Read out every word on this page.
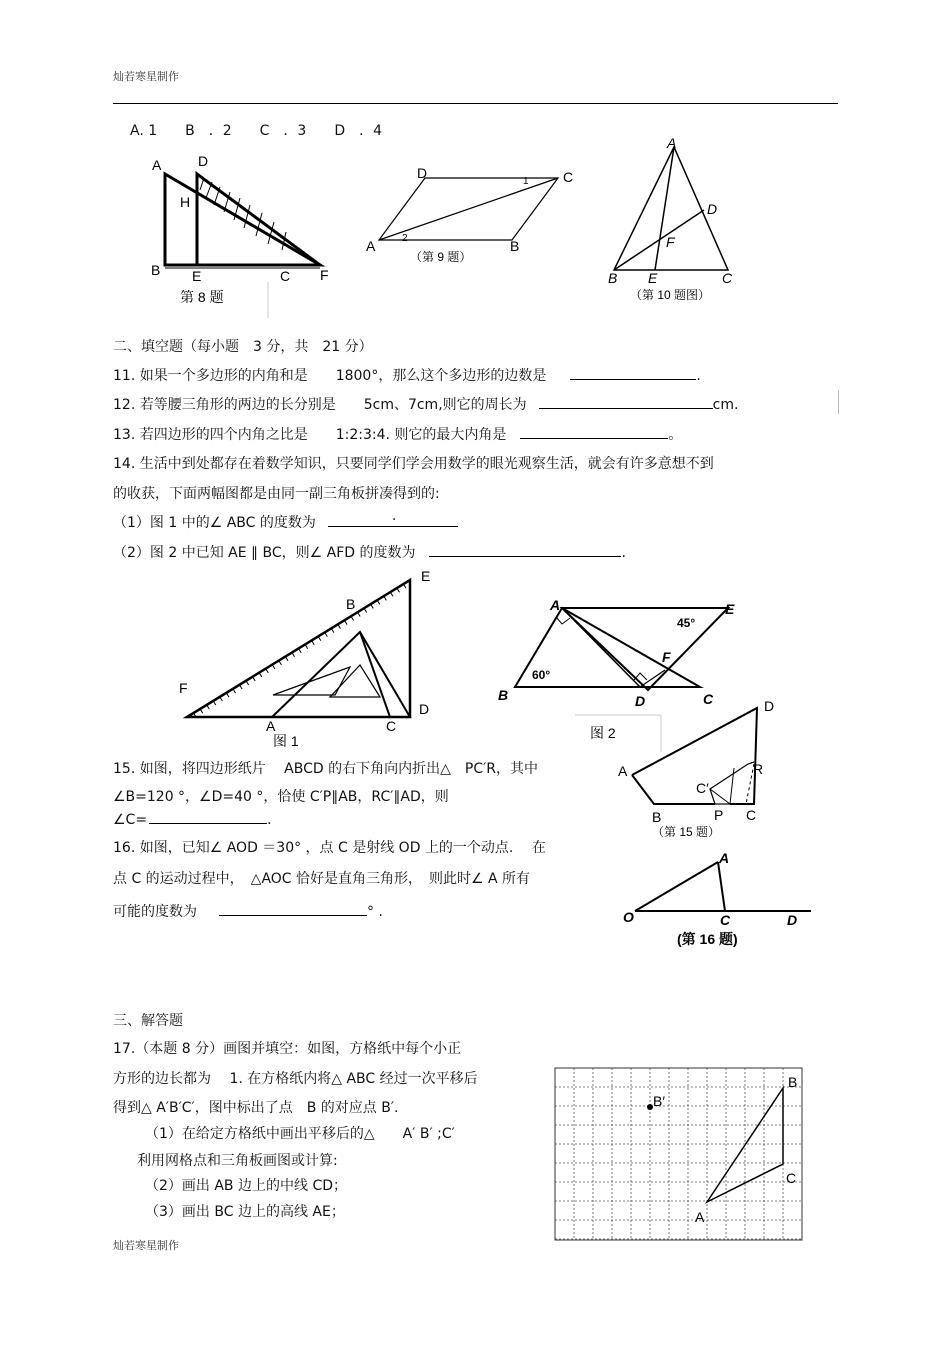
灿若寒星制作
A. 1　　B　．2　　C　．3　　D　．4
A	D
H
B E	C F
第 8 题
D	C
A	B
1
2
（第 9 题）
A
D
F
B E	C
（第 10 题图）
二、填空题（每小题　3 分，共　21 分）
11. 如果一个多边形的内角和是　　1800°，那么这个多边形的边数是	.
12. 若等腰三角形的两边的长分别是　　5cm、7cm,则它的周长为	cm.
13. 若四边形的四个内角之比是　　1:2:3:4. 则它的最大内角是	。
14. 生活中到处都存在着数学知识，只要同学们学会用数学的眼光观察生活，就会有许多意想不到
的收获，下面两幅图都是由同一副三角板拼凑得到的:
（1）图 1 中的∠ ABC 的度数为	.
（2）图 2 中已知 AE ∥ BC，则∠ AFD 的度数为	.
E
B
F
D
A	C
图 1
A	E
45°
60°
F
B	D	C
图 2
15. 如图，将四边形纸片　 ABCD 的右下角向内折出△　PC′R，其中
∠B=120 °，∠D=40 °，恰使 C′P∥AB，RC′∥AD，则
∠C=	.
D
A	R
C′
B	P C
（第 15 题）
16. 如图，已知∠ AOD ＝30° ，点 C 是射线 OD 上的一个动点.　 在
点 C 的运动过程中，　△AOC 恰好是直角三角形，　则此时∠ A 所有
可能的度数为	° .
A
O	C	D
(第 16 题)
三、解答题
17.（本题 8 分）画图并填空：如图，方格纸中每个小正
方形的边长都为　 1. 在方格纸内将△ ABC 经过一次平移后
得到△ A′B′C′，图中标出了点　B 的对应点 B′.
（1）在给定方格纸中画出平移后的△　　A′ B′ ;C′
利用网格点和三角板画图或计算:
（2）画出 AB 边上的中线 CD；
（3）画出 BC 边上的高线 AE；
B
B′
C
A
灿若寒星制作
